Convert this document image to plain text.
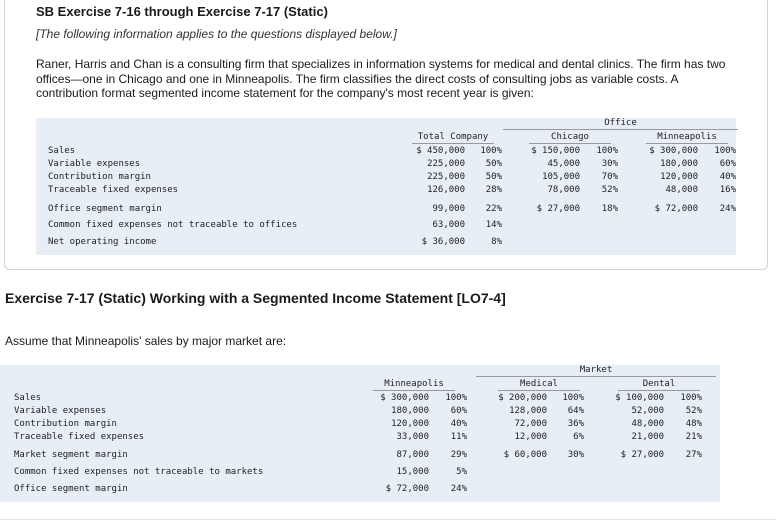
SB Exercise 7-16 through Exercise 7-17 (Static)
[The following information applies to the questions displayed below.]
Raner, Harris and Chan is a consulting firm that specializes in information systems for medical and dental clinics. The firm has two offices—one in Chicago and one in Minneapolis. The firm classifies the direct costs of consulting jobs as variable costs. A contribution format segmented income statement for the company's most recent year is given:
Office
Total Company	Chicago	Minneapolis
Sales	$ 450,000	100%	$ 150,000	100%	$ 300,000	100%
Variable expenses	225,000	50%	45,000	30%	180,000	60%
Contribution margin	225,000	50%	105,000	70%	120,000	40%
Traceable fixed expenses	126,000	28%	78,000	52%	48,000	16%
Office segment margin	99,000	22%	$ 27,000	18%	$ 72,000	24%
Common fixed expenses not traceable to offices	63,000	14%
Net operating income	$ 36,000	8%
Exercise 7-17 (Static) Working with a Segmented Income Statement [LO7-4]
Assume that Minneapolis' sales by major market are:
Market
Minneapolis	Medical	Dental
Sales	$ 300,000	100%	$ 200,000	100%	$ 100,000	100%
Variable expenses	180,000	60%	128,000	64%	52,000	52%
Contribution margin	120,000	40%	72,000	36%	48,000	48%
Traceable fixed expenses	33,000	11%	12,000	6%	21,000	21%
Market segment margin	87,000	29%	$ 60,000	30%	$ 27,000	27%
Common fixed expenses not traceable to markets	15,000	5%
Office segment margin	$ 72,000	24%
